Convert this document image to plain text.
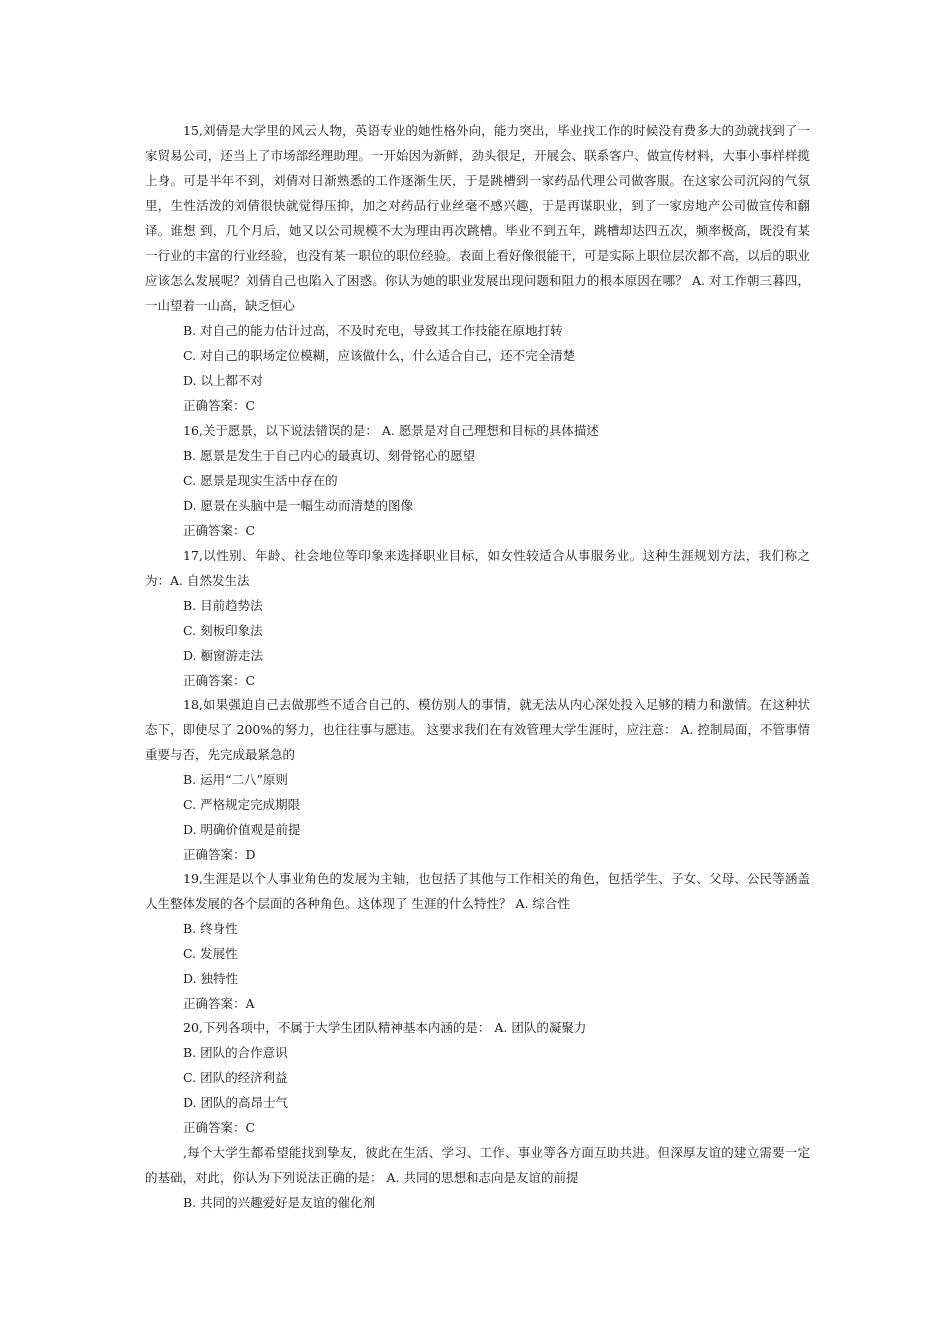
15,刘倩是大学里的风云人物，英语专业的她性格外向，能力突出，毕业找工作的时候没有费多大的劲就找到了一家贸易公司，还当上了市场部经理助理。一开始因为新鲜，劲头很足，开展会、联系客户、做宣传材料，大事小事样样揽上身。可是半年不到，刘倩对日渐熟悉的工作逐渐生厌，于是跳槽到一家药品代理公司做客服。在这家公司沉闷的气氛里，生性活泼的刘倩很快就觉得压抑，加之对药品行业丝毫不感兴趣，于是再谋职业，到了一家房地产公司做宣传和翻译。谁想 到，几个月后，她又以公司规模不大为理由再次跳槽。毕业不到五年，跳槽却达四五次，频率极高，既没有某一行业的丰富的行业经验，也没有某一职位的职位经验。表面上看好像很能干，可是实际上职位层次都不高，以后的职业应该怎么发展呢？刘倩自己也陷入了困惑。你认为她的职业发展出现问题和阻力的根本原因在哪？ A. 对工作朝三暮四，一山望着一山高，缺乏恒心

B. 对自己的能力估计过高，不及时充电，导致其工作技能在原地打转

C. 对自己的职场定位模糊，应该做什么，什么适合自己，还不完全清楚

D. 以上都不对

正确答案：C

16,关于愿景，以下说法错误的是： A. 愿景是对自己理想和目标的具体描述

B. 愿景是发生于自己内心的最真切、刻骨铭心的愿望

C. 愿景是现实生活中存在的

D. 愿景在头脑中是一幅生动而清楚的图像

正确答案：C

17,以性别、年龄、社会地位等印象来选择职业目标，如女性较适合从事服务业。这种生涯规划方法，我们称之为：A. 自然发生法

B. 目前趋势法

C. 刻板印象法

D. 橱窗游走法

正确答案：C

18,如果强迫自己去做那些不适合自己的、模仿别人的事情，就无法从内心深处投入足够的精力和激情。在这种状态下，即使尽了 200%的努力，也往往事与愿违。 这要求我们在有效管理大学生涯时，应注意： A. 控制局面，不管事情重要与否，先完成最紧急的

B. 运用“二八”原则

C. 严格规定完成期限

D. 明确价值观是前提

正确答案：D

19,生涯是以个人事业角色的发展为主轴，也包括了其他与工作相关的角色，包括学生、子女、父母、公民等涵盖人生整体发展的各个层面的各种角色。这体现了 生涯的什么特性？ A. 综合性

B. 终身性

C. 发展性

D. 独特性

正确答案：A

20,下列各项中，不属于大学生团队精神基本内涵的是： A. 团队的凝聚力

B. 团队的合作意识

C. 团队的经济利益

D. 团队的高昂士气

正确答案：C

,每个大学生都希望能找到挚友，彼此在生活、学习、工作、事业等各方面互助共进。但深厚友谊的建立需要一定的基础，对此，你认为下列说法正确的是： A. 共同的思想和志向是友谊的前提

B. 共同的兴趣爱好是友谊的催化剂
